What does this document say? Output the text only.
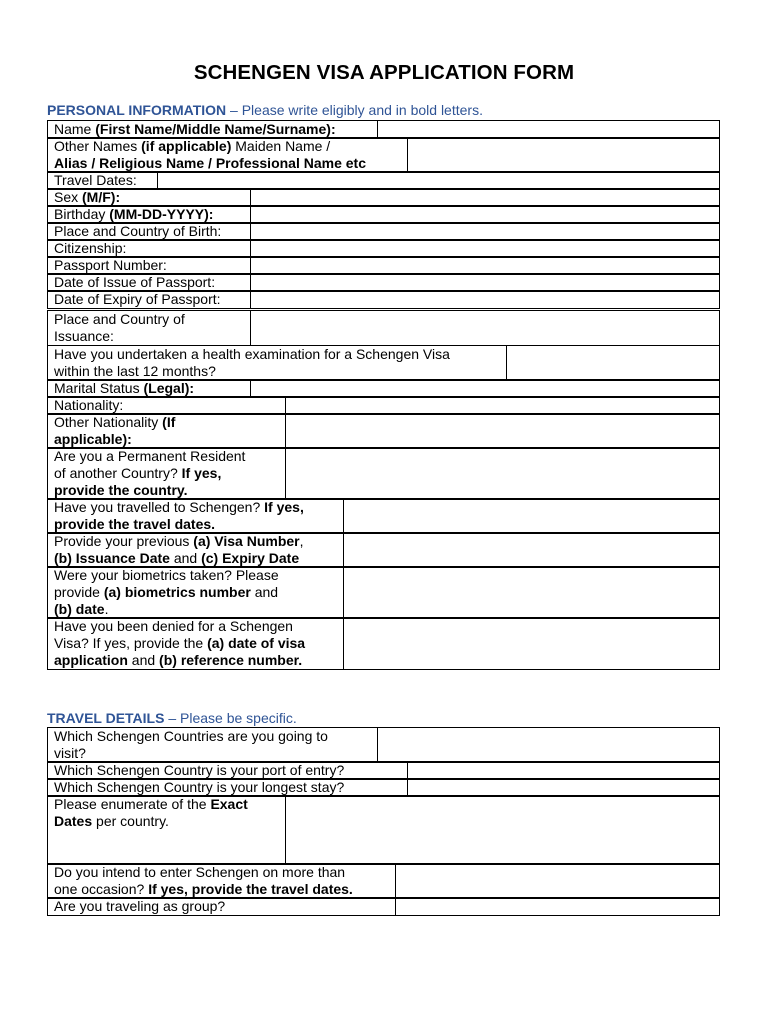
SCHENGEN VISA APPLICATION FORM
PERSONAL INFORMATION – Please write eligibly and in bold letters.
Name (First Name/Middle Name/Surname):
Other Names (if applicable) Maiden Name /
Alias / Religious Name / Professional Name etc
Travel Dates:
Sex (M/F):
Birthday (MM-DD-YYYY):
Place and Country of Birth:
Citizenship:
Passport Number:
Date of Issue of Passport:
Date of Expiry of Passport:
Place and Country of
Issuance:
Have you undertaken a health examination for a Schengen Visa
within the last 12 months?
Marital Status (Legal):
Nationality:
Other Nationality (If
applicable):
Are you a Permanent Resident
of another Country? If yes,
provide the country.
Have you travelled to Schengen? If yes,
provide the travel dates.
Provide your previous (a) Visa Number,
(b) Issuance Date and (c) Expiry Date
Were your biometrics taken? Please
provide (a) biometrics number and
(b) date.
Have you been denied for a Schengen
Visa? If yes, provide the (a) date of visa
application and (b) reference number.
TRAVEL DETAILS – Please be specific.
Which Schengen Countries are you going to
visit?
Which Schengen Country is your port of entry?
Which Schengen Country is your longest stay?
Please enumerate of the Exact
Dates per country.
Do you intend to enter Schengen on more than
one occasion? If yes, provide the travel dates.
Are you traveling as group?
